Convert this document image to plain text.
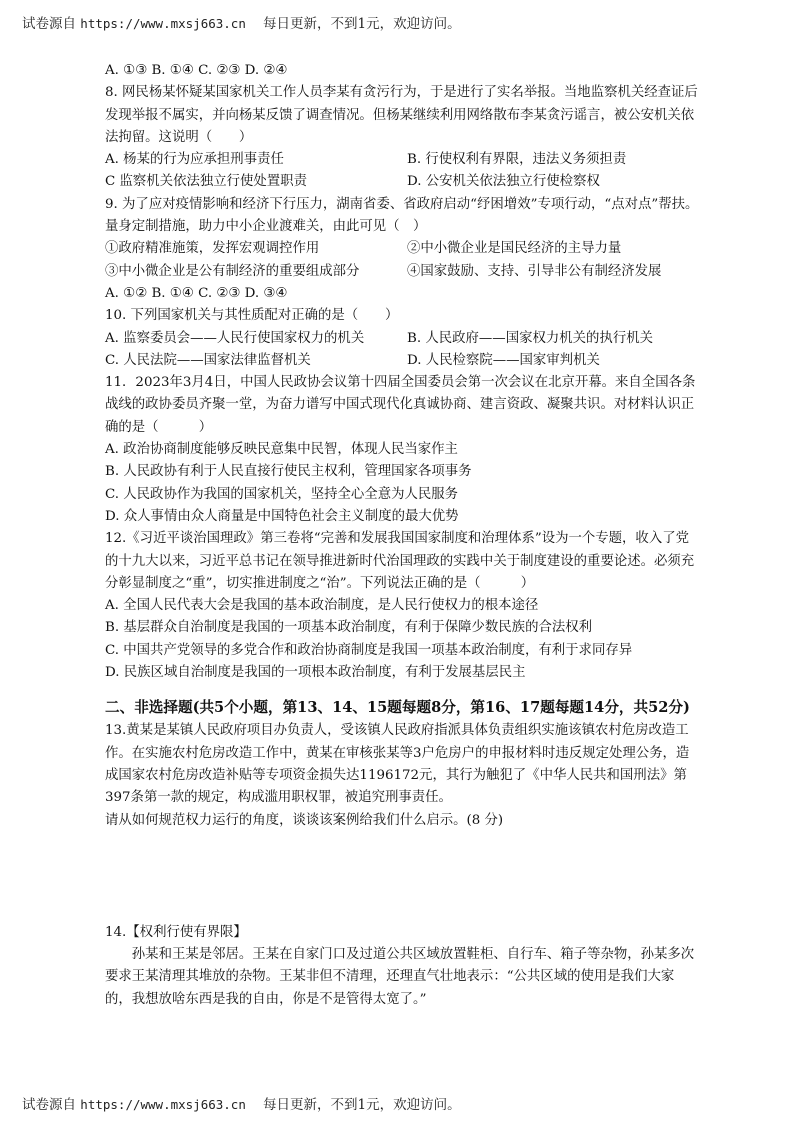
试卷源自 https://www.mxsj663.cn 每日更新，不到1元，欢迎访问。

A. ①③ B. ①④ C. ②③ D. ②④

8. 网民杨某怀疑某国家机关工作人员李某有贪污行为，于是进行了实名举报。当地监察机关经查证后发现举报不属实，并向杨某反馈了调查情况。但杨某继续利用网络散布李某贪污谣言，被公安机关依法拘留。这说明（　　）

A. 杨某的行为应承担刑事责任	B. 行使权利有界限，违法义务须担责
C 监察机关依法独立行使处置职责	D. 公安机关依法独立行使检察权

9. 为了应对疫情影响和经济下行压力，湖南省委、省政府启动“纾困增效”专项行动，“点对点”帮扶。量身定制措施，助力中小企业渡难关，由此可见（　）

①政府精准施策，发挥宏观调控作用	②中小微企业是国民经济的主导力量
③中小微企业是公有制经济的重要组成部分	④国家鼓励、支持、引导非公有制经济发展

A. ①② B. ①④ C. ②③ D. ③④

10. 下列国家机关与其性质配对正确的是（　　）

A. 监察委员会——人民行使国家权力的机关	B. 人民政府——国家权力机关的执行机关
C. 人民法院——国家法律监督机关	D. 人民检察院——国家审判机关

11．2023年3月4日，中国人民政协会议第十四届全国委员会第一次会议在北京开幕。来自全国各条战线的政协委员齐聚一堂，为奋力谱写中国式现代化真诚协商、建言资政、凝聚共识。对材料认识正确的是（　　　）

A. 政治协商制度能够反映民意集中民智，体现人民当家作主

B. 人民政协有利于人民直接行使民主权利，管理国家各项事务

C. 人民政协作为我国的国家机关，坚持全心全意为人民服务

D. 众人事情由众人商量是中国特色社会主义制度的最大优势

12.《习近平谈治国理政》第三卷将“完善和发展我国国家制度和治理体系”设为一个专题，收入了党的十九大以来，习近平总书记在领导推进新时代治国理政的实践中关于制度建设的重要论述。必须充分彰显制度之“重”，切实推进制度之“治”。下列说法正确的是（　　　）

A. 全国人民代表大会是我国的基本政治制度，是人民行使权力的根本途径

B. 基层群众自治制度是我国的一项基本政治制度，有利于保障少数民族的合法权利

C. 中国共产党领导的多党合作和政治协商制度是我国一项基本政治制度，有利于求同存异

D. 民族区域自治制度是我国的一项根本政治制度，有利于发展基层民主

二、非选择题(共5个小题，第13、14、15题每题8分，第16、17题每题14分，共52分)

13.黄某是某镇人民政府项目办负责人，受该镇人民政府指派具体负责组织实施该镇农村危房改造工作。在实施农村危房改造工作中，黄某在审核张某等3户危房户的申报材料时违反规定处理公务，造成国家农村危房改造补贴等专项资金损失达1196172元，其行为触犯了《中华人民共和国刑法》第397条第一款的规定，构成滥用职权罪，被追究刑事责任。

请从如何规范权力运行的角度，谈谈该案例给我们什么启示。(8 分)

14.【权利行使有界限】

孙某和王某是邻居。王某在自家门口及过道公共区域放置鞋柜、自行车、箱子等杂物，孙某多次要求王某清理其堆放的杂物。王某非但不清理，还理直气壮地表示：“公共区域的使用是我们大家的，我想放啥东西是我的自由，你是不是管得太宽了。”

试卷源自 https://www.mxsj663.cn 每日更新，不到1元，欢迎访问。
